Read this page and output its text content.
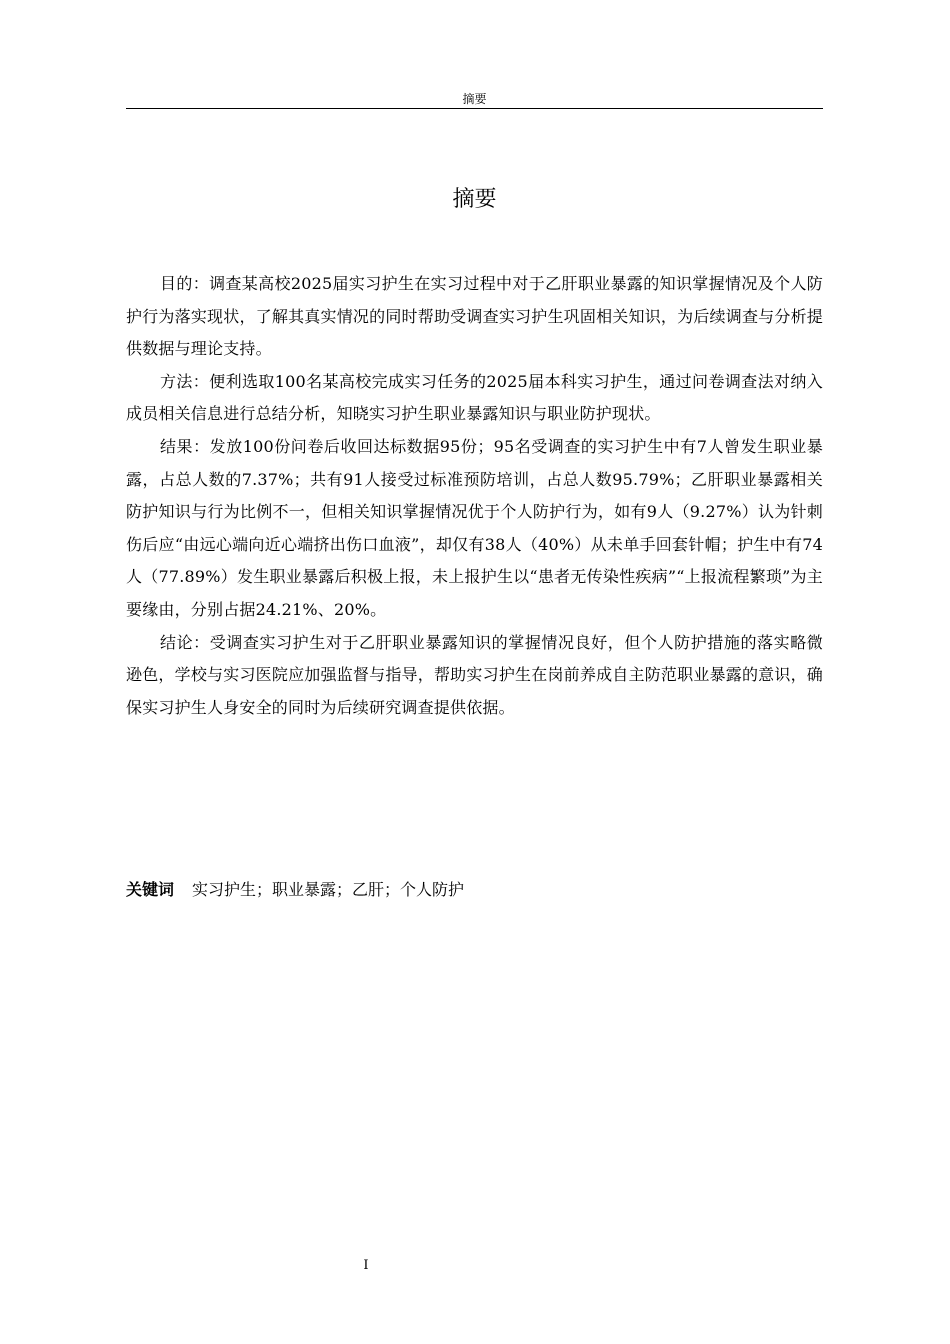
摘要
摘要

目的：调查某高校2025届实习护生在实习过程中对于乙肝职业暴露的知识掌握情况及个人防护行为落实现状，了解其真实情况的同时帮助受调查实习护生巩固相关知识，为后续调查与分析提供数据与理论支持。

方法：便利选取100名某高校完成实习任务的2025届本科实习护生，通过问卷调查法对纳入成员相关信息进行总结分析，知晓实习护生职业暴露知识与职业防护现状。

结果：发放100份问卷后收回达标数据95份；95名受调查的实习护生中有7人曾发生职业暴露，占总人数的7.37%；共有91人接受过标准预防培训，占总人数95.79%；乙肝职业暴露相关防护知识与行为比例不一，但相关知识掌握情况优于个人防护行为，如有9人（9.27%）认为针刺伤后应“由远心端向近心端挤出伤口血液”，却仅有38人（40%）从未单手回套针帽；护生中有74人（77.89%）发生职业暴露后积极上报，未上报护生以“患者无传染性疾病”“上报流程繁琐”为主要缘由，分别占据24.21%、20%。

结论：受调查实习护生对于乙肝职业暴露知识的掌握情况良好，但个人防护措施的落实略微逊色，学校与实习医院应加强监督与指导，帮助实习护生在岗前养成自主防范职业暴露的意识，确保实习护生人身安全的同时为后续研究调查提供依据。

关键词 实习护生；职业暴露；乙肝；个人防护
I
